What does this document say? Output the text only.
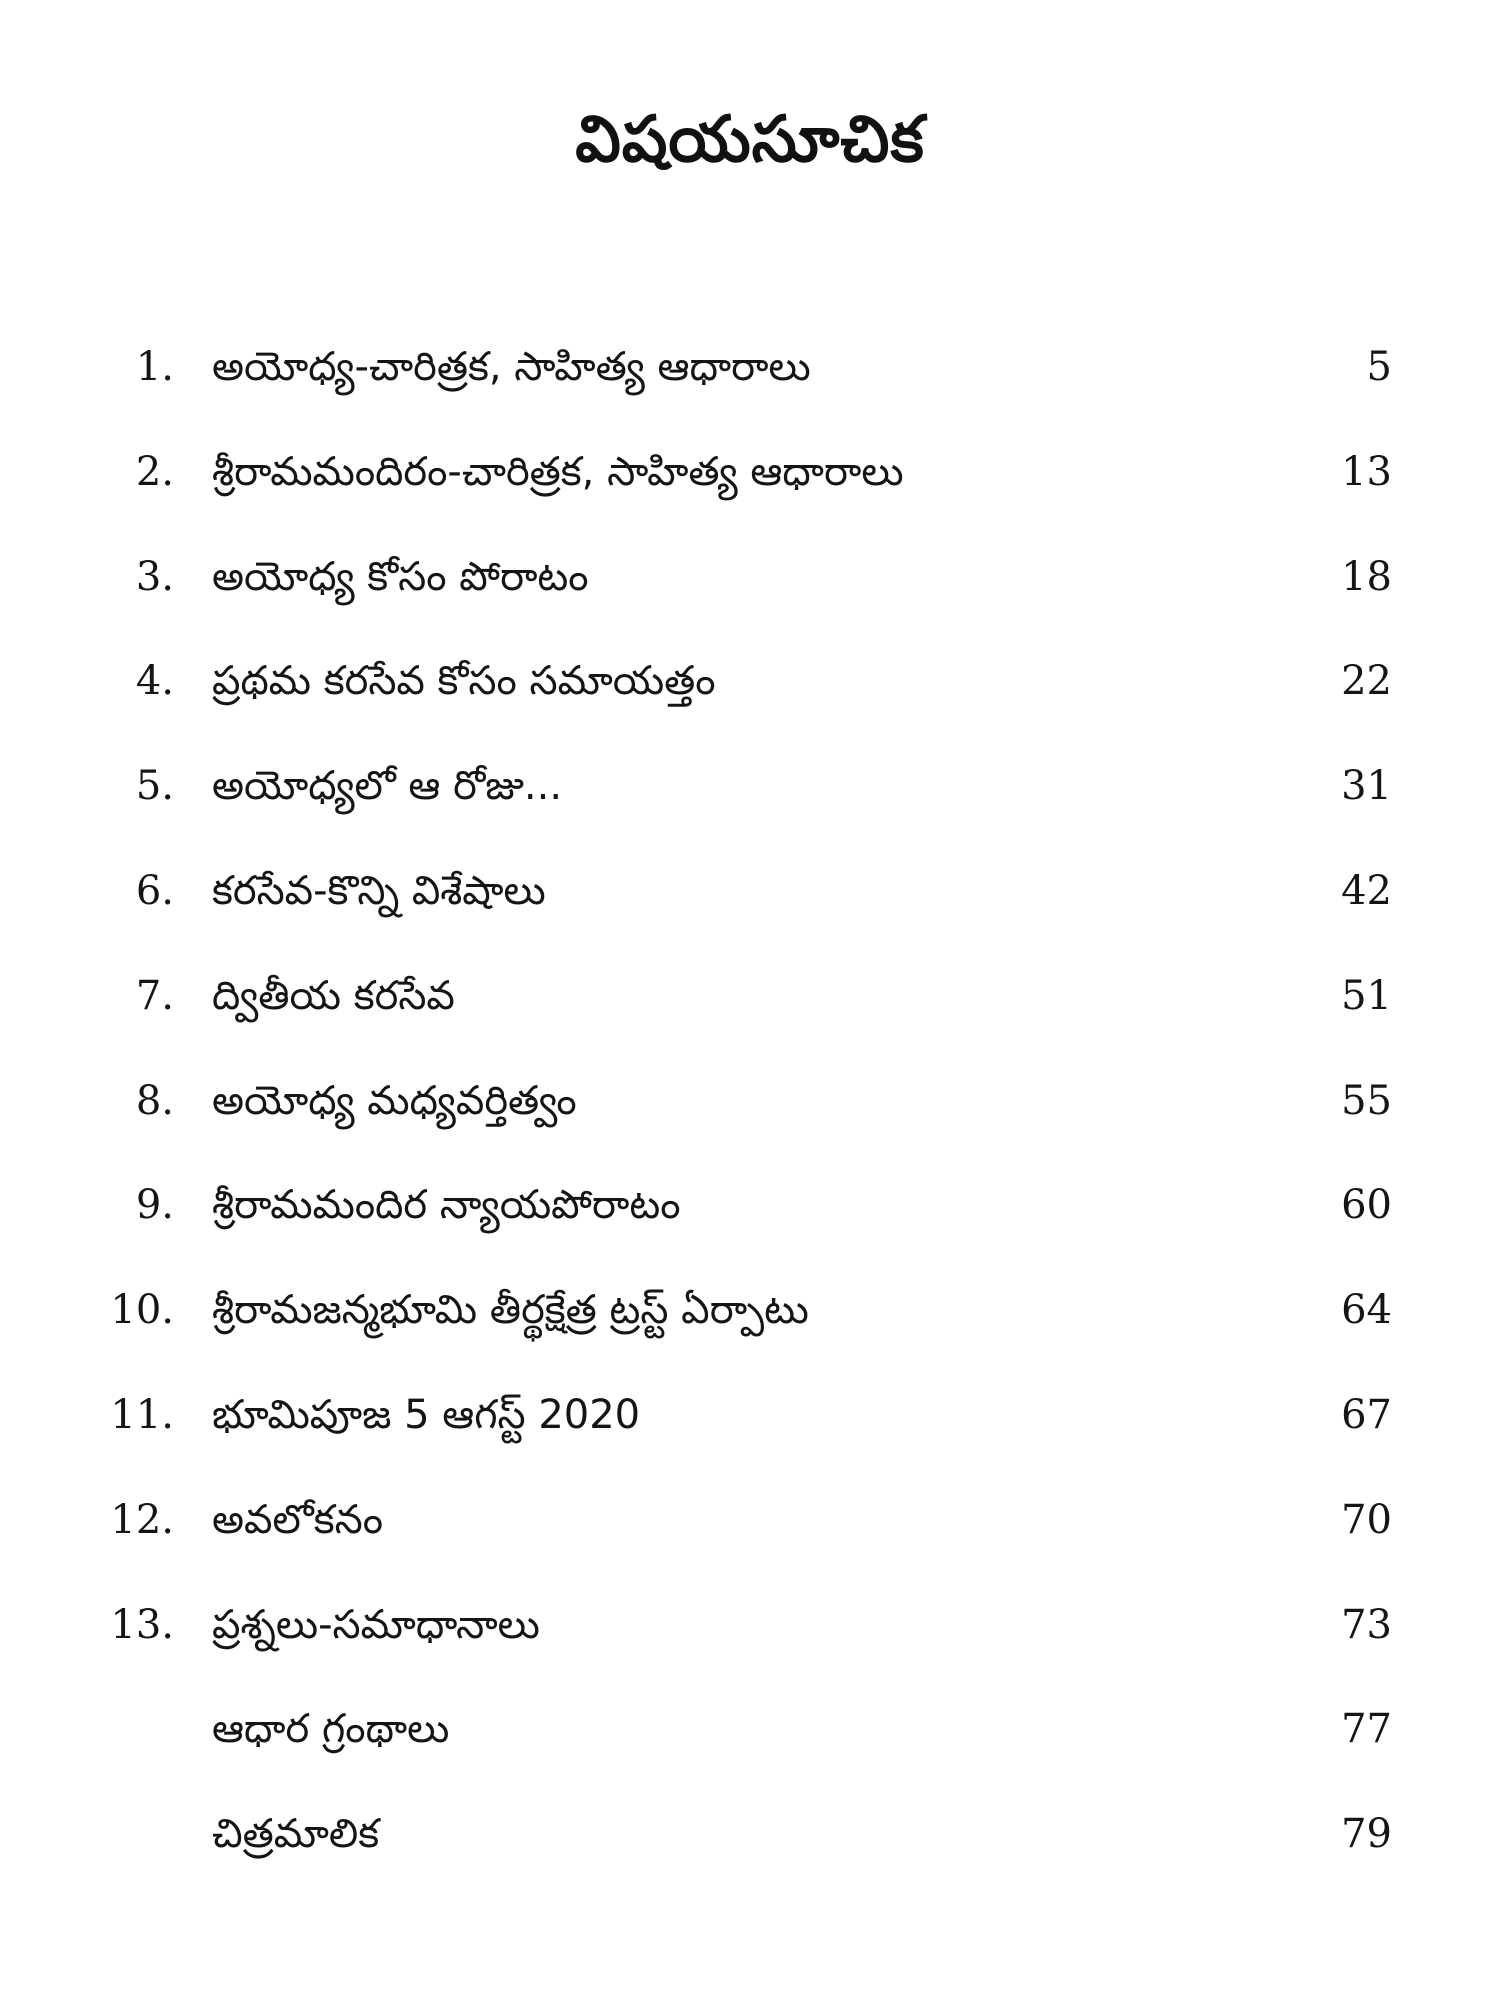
విషయసూచిక
1. అయోధ్య-చారిత్రక, సాహిత్య ఆధారాలు	5
2. శ్రీరామమందిరం-చారిత్రక, సాహిత్య ఆధారాలు	13
3. అయోధ్య కోసం పోరాటం	18
4. ప్రథమ కరసేవ కోసం సమాయత్తం	22
5. అయోధ్యలో ఆ రోజు...	31
6. కరసేవ-కొన్ని విశేషాలు	42
7. ద్వితీయ కరసేవ	51
8. అయోధ్య మధ్యవర్తిత్వం	55
9. శ్రీరామమందిర న్యాయపోరాటం	60
10. శ్రీరామజన్మభూమి తీర్థక్షేత్ర ట్రస్ట్ ఏర్పాటు	64
11. భూమిపూజ 5 ఆగస్ట్ 2020	67
12. అవలోకనం	70
13. ప్రశ్నలు-సమాధానాలు	73
ఆధార గ్రంథాలు	77
చిత్రమాలిక	79
